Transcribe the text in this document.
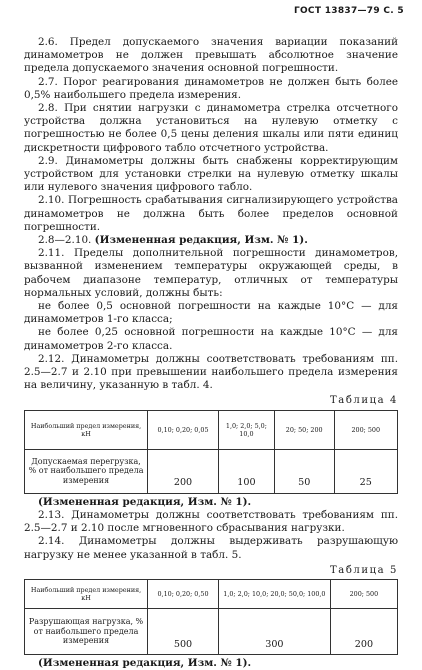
ГОСТ 13837—79 С. 5

2.6. Предел допускаемого значения вариации показаний динамометров не должен превышать абсолютное значение предела допускаемого значения основной погрешности.

2.7. Порог реагирования динамометров не должен быть более 0,5% наибольшего предела измерения.

2.8. При снятии нагрузки с динамометра стрелка отсчетного устройства должна установиться на нулевую отметку с погрешностью не более 0,5 цены деления шкалы или пяти единиц дискретности цифрового табло отсчетного устройства.

2.9. Динамометры должны быть снабжены корректирующим устройством для установки стрелки на нулевую отметку шкалы или нулевого значения цифрового табло.

2.10. Погрешность срабатывания сигнализирующего устройства динамометров не должна быть более пределов основной погрешности.

2.8—2.10. (Измененная редакция, Изм. № 1).

2.11. Пределы дополнительной погрешности динамометров, вызванной изменением температуры окружающей среды, в рабочем диапазоне температур, отличных от температуры нормальных условий, должны быть:

не более 0,5 основной погрешности на каждые 10°C — для динамометров 1-го класса;

не более 0,25 основной погрешности на каждые 10°C — для динамометров 2-го класса.

2.12. Динамометры должны соответствовать требованиям пп. 2.5—2.7 и 2.10 при превышении наибольшего предела измерения на величину, указанную в табл. 4.

Таблица 4
Наибольший предел измерения, кН	0,10; 0,20; 0,05	1,0; 2,0; 5,0; 10,0	20; 50; 200	200; 500
Допускаемая перегрузка, % от наибольшего предела измерения	200	100	50	25

(Измененная редакция, Изм. № 1).

2.13. Динамометры должны соответствовать требованиям пп. 2.5—2.7 и 2.10 после мгновенного сбрасывания нагрузки.

2.14. Динамометры должны выдерживать разрушающую нагрузку не менее указанной в табл. 5.

Таблица 5
Наибольший предел измерения, кН	0,10; 0,20; 0,50	1,0; 2,0; 10,0; 20,0; 50,0; 100,0	200; 500
Разрушающая нагрузка, % от наибольшего предела измерения	500	300	200

(Измененная редакция, Изм. № 1).
